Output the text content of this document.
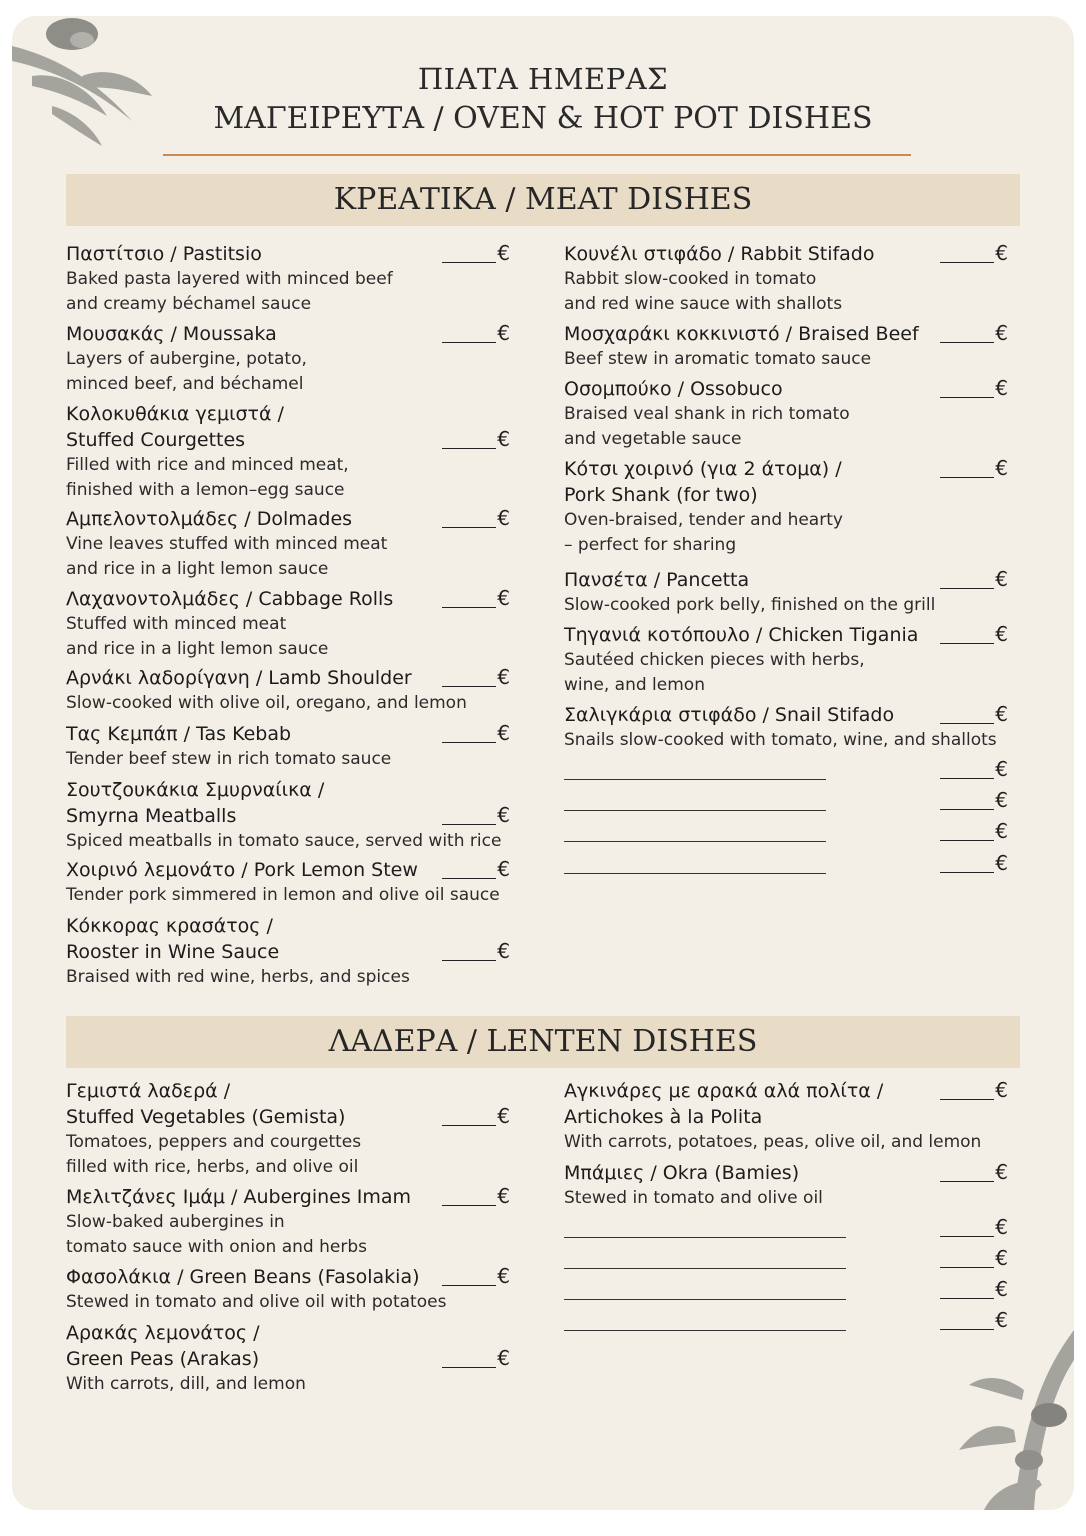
ΠΙΑΤΑ ΗΜΕΡΑΣ
ΜΑΓΕΙΡΕΥΤΑ / OVEN & HOT POT DISHES
ΚΡΕΑΤΙΚΑ / MEAT DISHES
ΛΑΔΕΡΑ / LENTEN DISHES
Παστίτσιο / Pastitsio
Baked pasta layered with minced beef
and creamy béchamel sauce
€
Μουσακάς / Moussaka
Layers of aubergine, potato,
minced beef, and béchamel
€
Κολοκυθάκια γεμιστά /
Stuffed Courgettes
Filled with rice and minced meat,
finished with a lemon–egg sauce
€
Αμπελοντολμάδες / Dolmades
Vine leaves stuffed with minced meat
and rice in a light lemon sauce
€
Λαχανοντολμάδες / Cabbage Rolls
Stuffed with minced meat
and rice in a light lemon sauce
€
Αρνάκι λαδορίγανη / Lamb Shoulder
Slow-cooked with olive oil, oregano, and lemon
€
Τας Κεμπάπ / Tas Kebab
Tender beef stew in rich tomato sauce
€
Σουτζουκάκια Σμυρναίικα /
Smyrna Meatballs
Spiced meatballs in tomato sauce, served with rice
€
Χοιρινό λεμονάτο / Pork Lemon Stew
Tender pork simmered in lemon and olive oil sauce
€
Κόκκορας κρασάτος /
Rooster in Wine Sauce
Braised with red wine, herbs, and spices
€
Κουνέλι στιφάδο / Rabbit Stifado
Rabbit slow-cooked in tomato
and red wine sauce with shallots
€
Μοσχαράκι κοκκινιστό / Braised Beef
Beef stew in aromatic tomato sauce
€
Οσομπούκο / Ossobuco
Braised veal shank in rich tomato
and vegetable sauce
€
Κότσι χοιρινό (για 2 άτομα) /
Pork Shank (for two)
Oven-braised, tender and hearty
– perfect for sharing
€
Πανσέτα / Pancetta
Slow-cooked pork belly, finished on the grill
€
Τηγανιά κοτόπουλο / Chicken Tigania
Sautéed chicken pieces with herbs,
wine, and lemon
€
Σαλιγκάρια στιφάδο / Snail Stifado
Snails slow-cooked with tomato, wine, and shallots
€
€
€
€
€
Γεμιστά λαδερά /
Stuffed Vegetables (Gemista)
Tomatoes, peppers and courgettes
filled with rice, herbs, and olive oil
€
Μελιτζάνες Ιμάμ / Aubergines Imam
Slow-baked aubergines in
tomato sauce with onion and herbs
€
Φασολάκια / Green Beans (Fasolakia)
Stewed in tomato and olive oil with potatoes
€
Αρακάς λεμονάτος /
Green Peas (Arakas)
With carrots, dill, and lemon
€
Αγκινάρες με αρακά αλά πολίτα /
Artichokes à la Polita
With carrots, potatoes, peas, olive oil, and lemon
€
Μπάμιες / Okra (Bamies)
Stewed in tomato and olive oil
€
€
€
€
€
